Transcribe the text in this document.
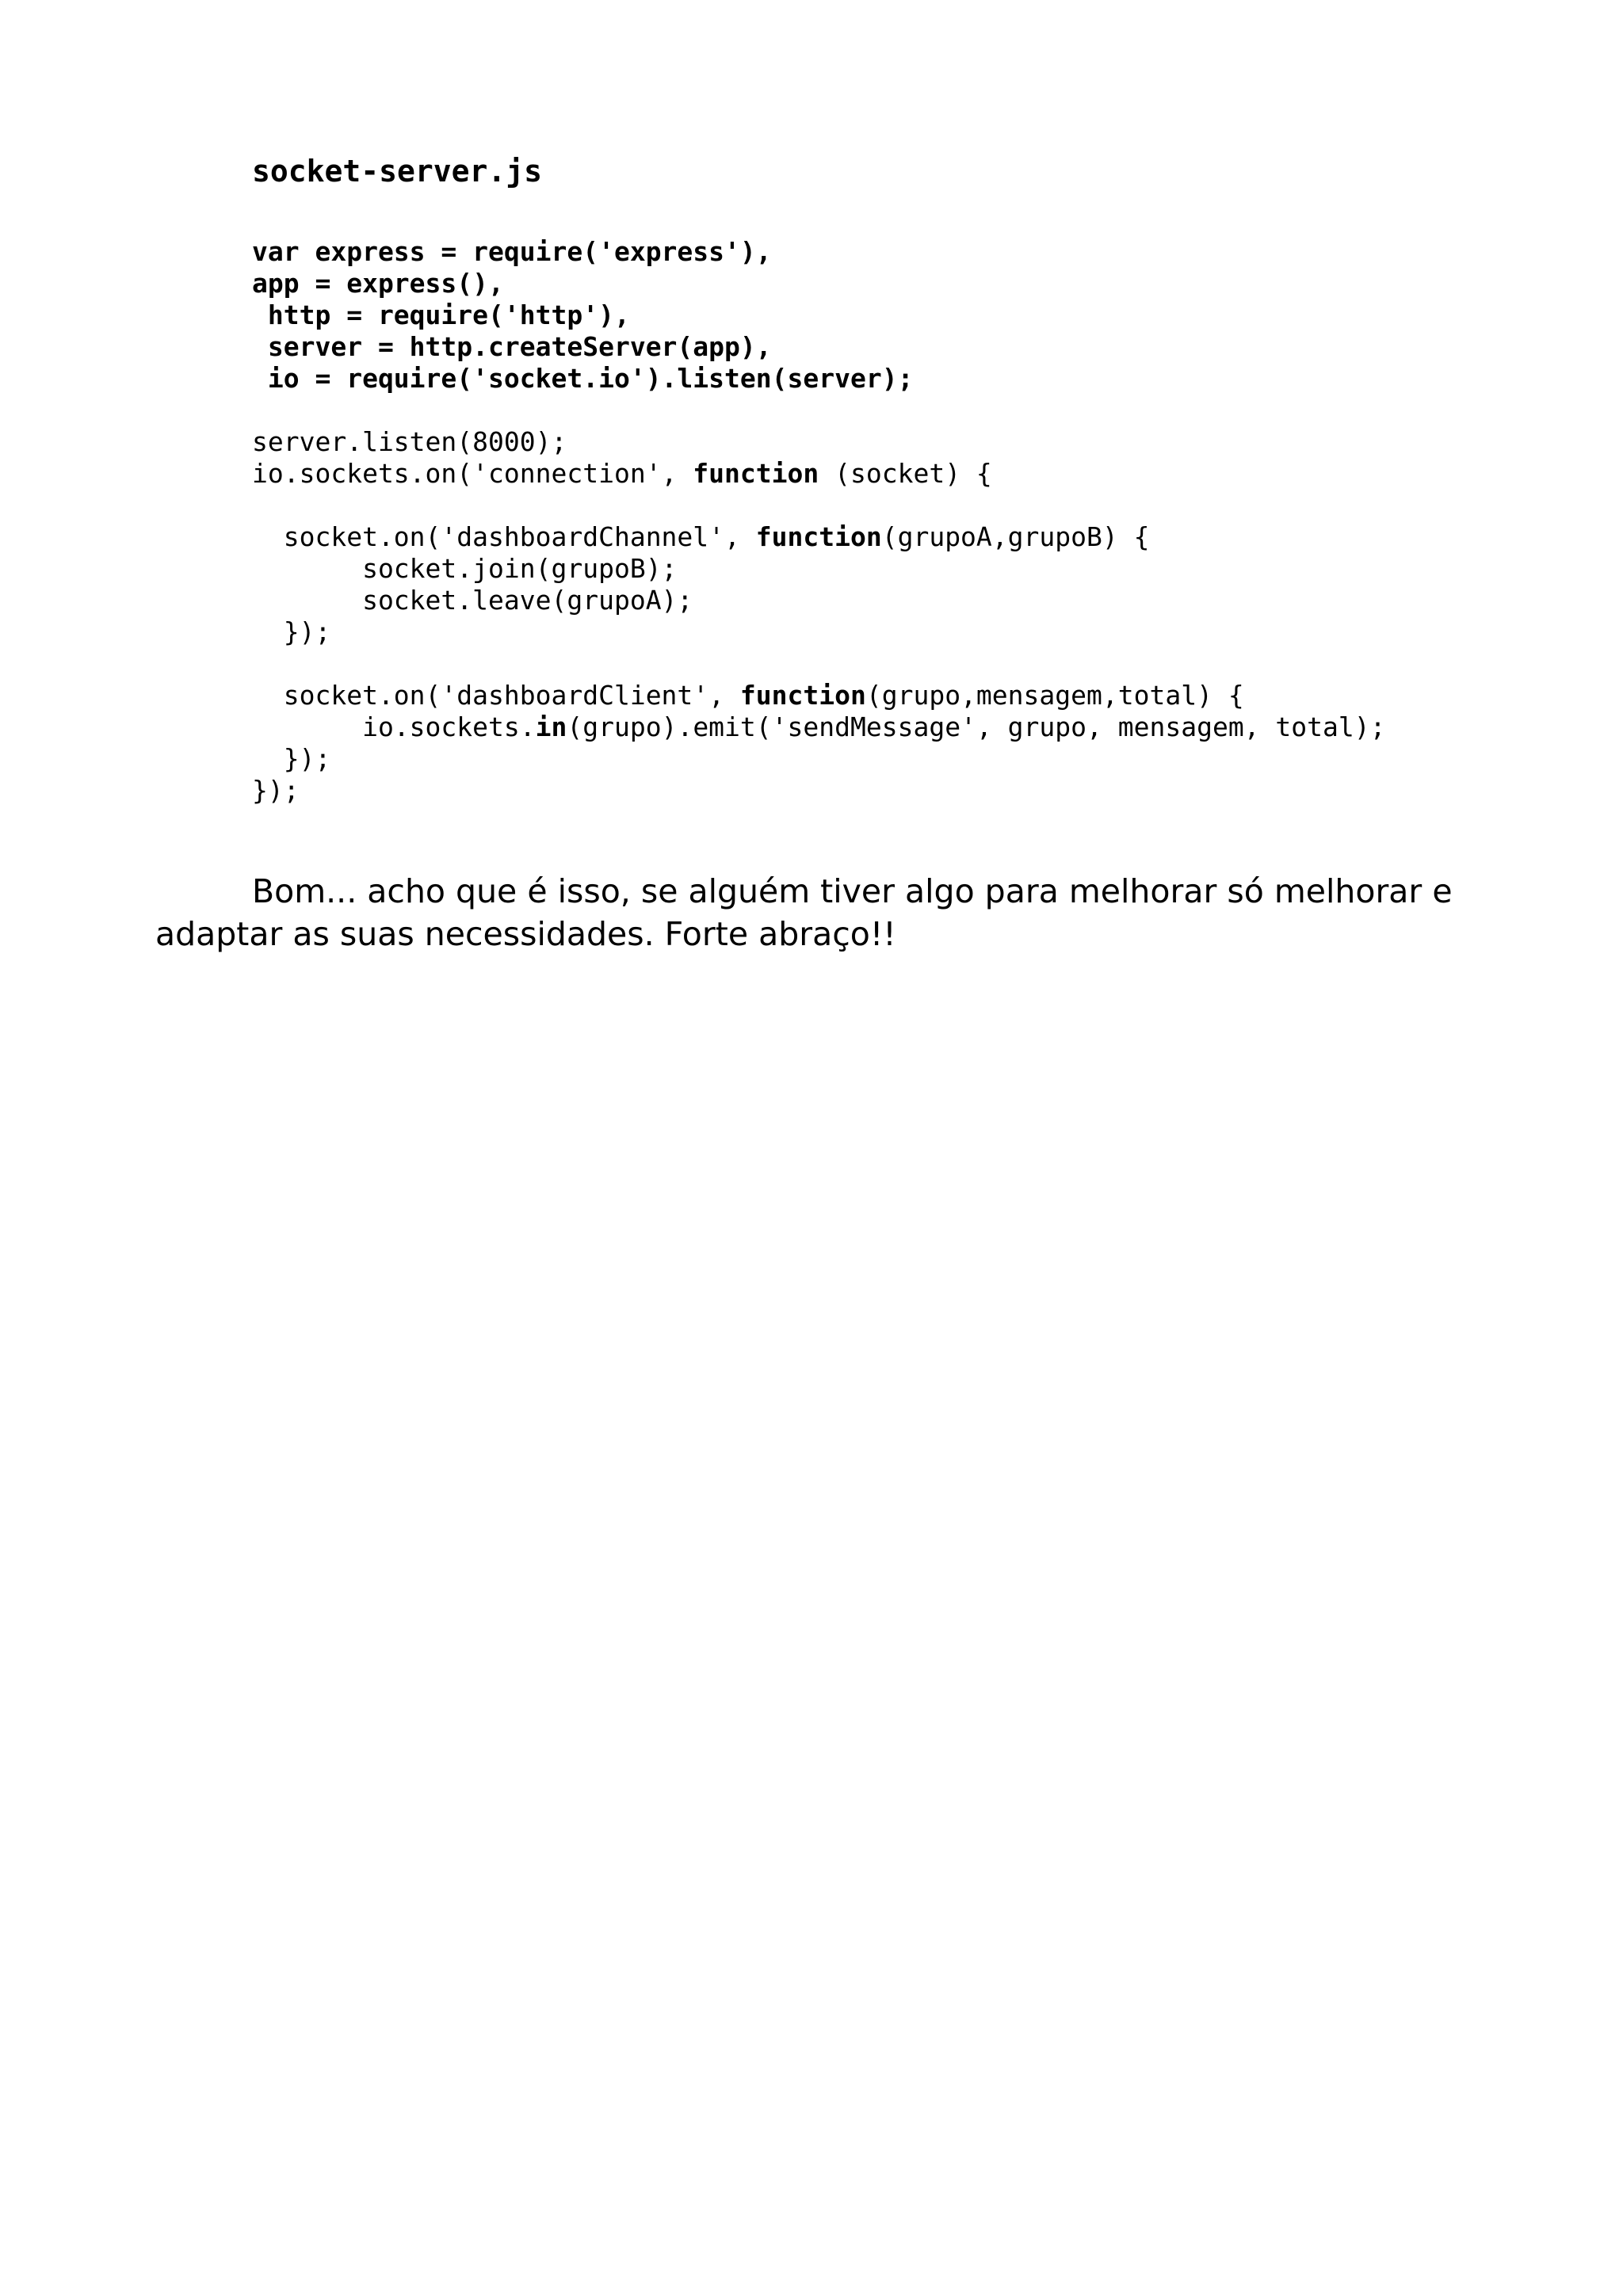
socket-server.js
var express = require('express'),
app = express(),
http = require('http'),
server = http.createServer(app),
io = require('socket.io').listen(server);
server.listen(8000);
io.sockets.on('connection', function (socket) {
socket.on('dashboardChannel', function(grupoA,grupoB) {
socket.join(grupoB);
socket.leave(grupoA);
});
socket.on('dashboardClient', function(grupo,mensagem,total) {
io.sockets.in(grupo).emit('sendMessage', grupo, mensagem, total);
});
});

Bom... acho que é isso, se alguém tiver algo para melhorar só melhorar e adaptar as suas necessidades. Forte abraço!!
